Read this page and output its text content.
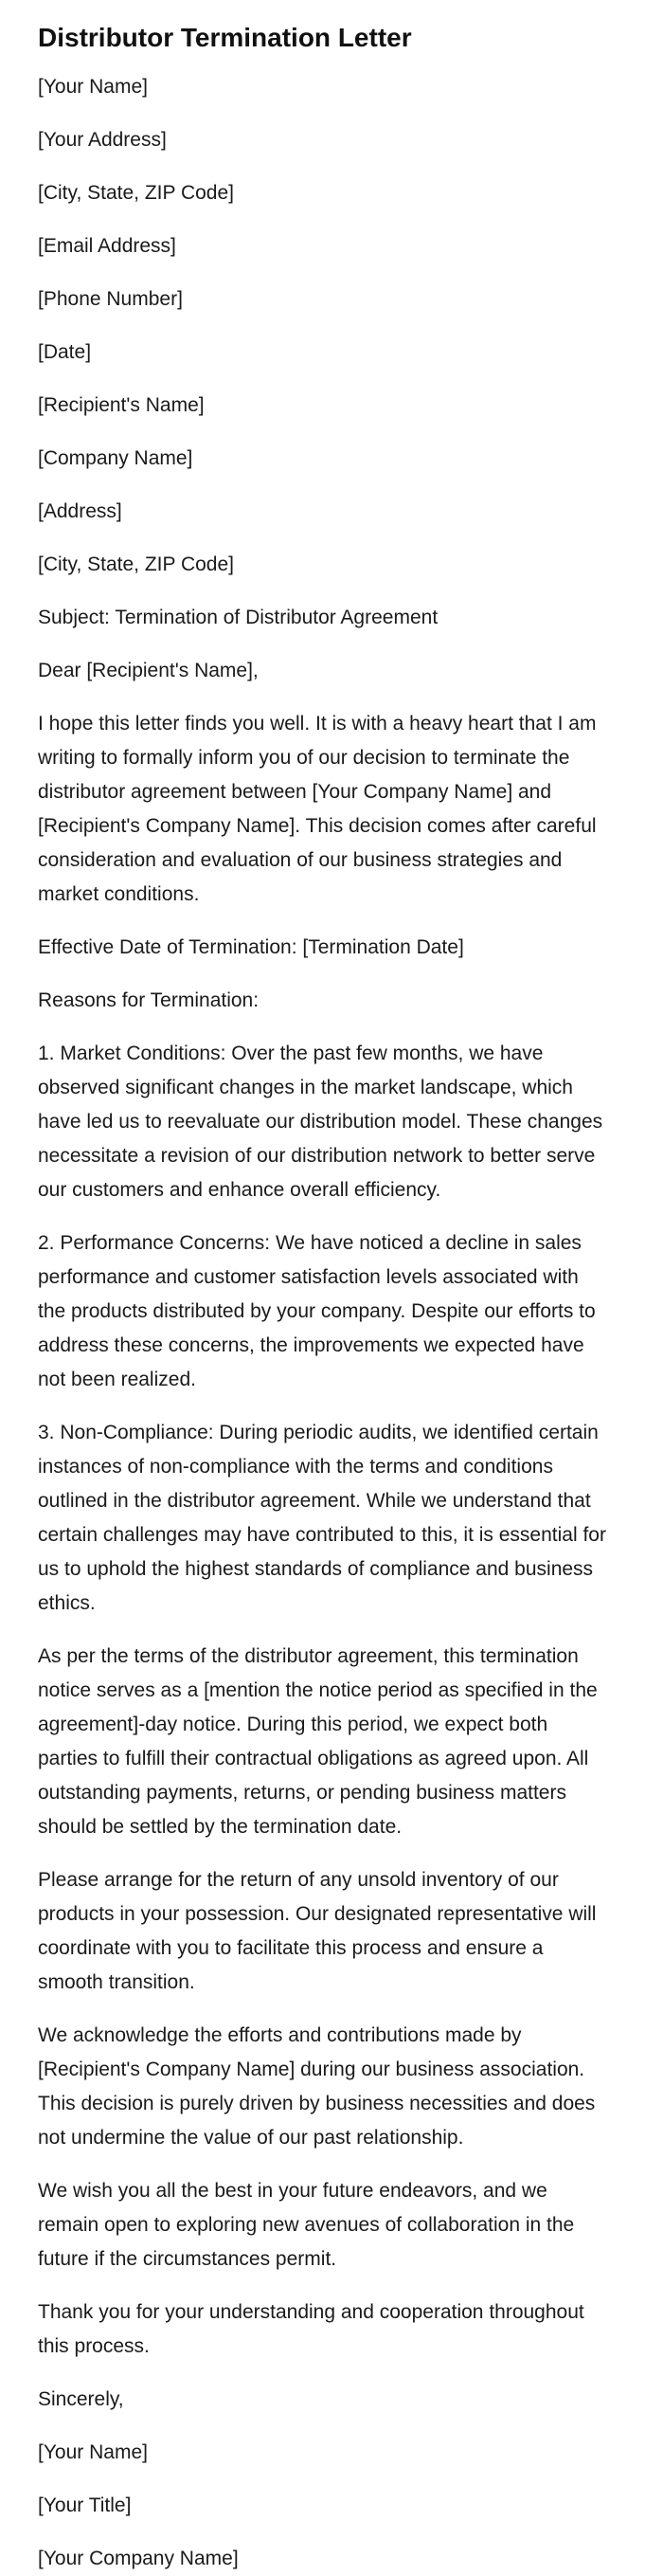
Distributor Termination Letter

[Your Name]

[Your Address]

[City, State, ZIP Code]

[Email Address]

[Phone Number]

[Date]

[Recipient's Name]

[Company Name]

[Address]

[City, State, ZIP Code]

Subject: Termination of Distributor Agreement

Dear [Recipient's Name],

I hope this letter finds you well. It is with a heavy heart that I am writing to formally inform you of our decision to terminate the distributor agreement between [Your Company Name] and [Recipient's Company Name]. This decision comes after careful consideration and evaluation of our business strategies and market conditions.

Effective Date of Termination: [Termination Date]

Reasons for Termination:

1. Market Conditions: Over the past few months, we have observed significant changes in the market landscape, which have led us to reevaluate our distribution model. These changes necessitate a revision of our distribution network to better serve our customers and enhance overall efficiency.

2. Performance Concerns: We have noticed a decline in sales performance and customer satisfaction levels associated with the products distributed by your company. Despite our efforts to address these concerns, the improvements we expected have not been realized.

3. Non-Compliance: During periodic audits, we identified certain instances of non-compliance with the terms and conditions outlined in the distributor agreement. While we understand that certain challenges may have contributed to this, it is essential for us to uphold the highest standards of compliance and business ethics.

As per the terms of the distributor agreement, this termination notice serves as a [mention the notice period as specified in the agreement]-day notice. During this period, we expect both parties to fulfill their contractual obligations as agreed upon. All outstanding payments, returns, or pending business matters should be settled by the termination date.

Please arrange for the return of any unsold inventory of our products in your possession. Our designated representative will coordinate with you to facilitate this process and ensure a smooth transition.

We acknowledge the efforts and contributions made by [Recipient's Company Name] during our business association. This decision is purely driven by business necessities and does not undermine the value of our past relationship.

We wish you all the best in your future endeavors, and we remain open to exploring new avenues of collaboration in the future if the circumstances permit.

Thank you for your understanding and cooperation throughout this process.

Sincerely,

[Your Name]

[Your Title]

[Your Company Name]
